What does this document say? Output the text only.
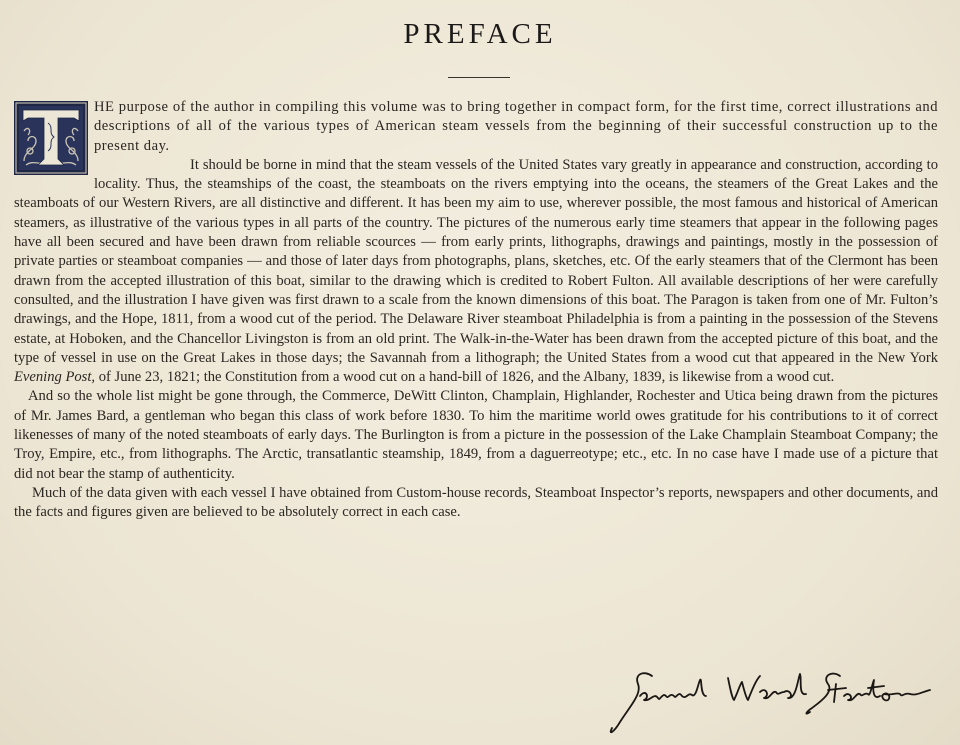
PREFACE

HE purpose of the author in compiling this volume was to bring together in compact form, for the first time, correct illustrations and descriptions of all of the various types of American steam vessels from the beginning of their successful construction up to the present day.

It should be borne in mind that the steam vessels of the United States vary greatly in appearance and construction, according to locality. Thus, the steamships of the coast, the steamboats on the rivers emptying into the oceans, the steamers of the Great Lakes and the steamboats of our Western Rivers, are all distinctive and different. It has been my aim to use, wherever possible, the most famous and historical of American steamers, as illustrative of the various types in all parts of the country. The pictures of the numerous early time steamers that appear in the following pages have all been secured and have been drawn from reliable scources — from early prints, lithographs, drawings and paintings, mostly in the possession of private parties or steamboat companies — and those of later days from photographs, plans, sketches, etc. Of the early steamers that of the Clermont has been drawn from the accepted illustration of this boat, similar to the drawing which is credited to Robert Fulton. All available descriptions of her were carefully consulted, and the illustration I have given was first drawn to a scale from the known dimensions of this boat. The Paragon is taken from one of Mr. Fulton’s drawings, and the Hope, 1811, from a wood cut of the period. The Delaware River steamboat Philadelphia is from a painting in the possession of the Stevens estate, at Hoboken, and the Chancellor Livingston is from an old print. The Walk-in-the-Water has been drawn from the accepted picture of this boat, and the type of vessel in use on the Great Lakes in those days; the Savannah from a lithograph; the United States from a wood cut that appeared in the New York Evening Post, of June 23, 1821; the Constitution from a wood cut on a hand-bill of 1826, and the Albany, 1839, is likewise from a wood cut.

And so the whole list might be gone through, the Commerce, DeWitt Clinton, Champlain, Highlander, Rochester and Utica being drawn from the pictures of Mr. James Bard, a gentleman who began this class of work before 1830. To him the maritime world owes gratitude for his contributions to it of correct likenesses of many of the noted steamboats of early days. The Burlington is from a picture in the possession of the Lake Champlain Steamboat Company; the Troy, Empire, etc., from lithographs. The Arctic, transatlantic steamship, 1849, from a daguerreotype; etc., etc. In no case have I made use of a picture that did not bear the stamp of authenticity.

Much of the data given with each vessel I have obtained from Custom-house records, Steamboat Inspector’s reports, newspapers and other documents, and the facts and figures given are believed to be absolutely correct in each case.
